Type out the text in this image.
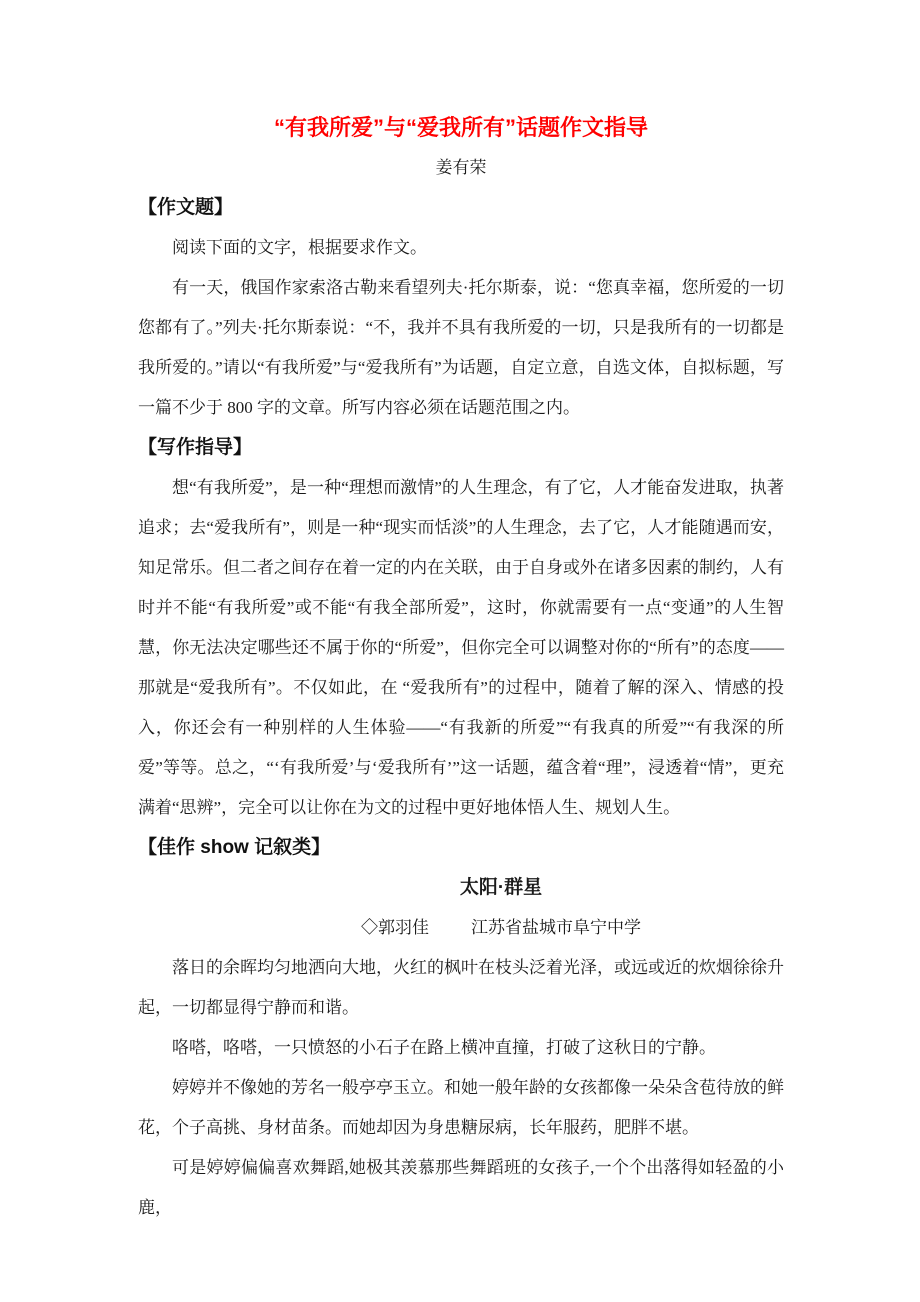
“有我所爱”与“爱我所有”话题作文指导
姜有荣
【作文题】

阅读下面的文字，根据要求作文。

有一天，俄国作家索洛古勒来看望列夫·托尔斯泰，说：“您真幸福，您所爱的一切您都有了。”列夫·托尔斯泰说：“不，我并不具有我所爱的一切，只是我所有的一切都是我所爱的。”请以“有我所爱”与“爱我所有”为话题，自定立意，自选文体，自拟标题，写一篇不少于 800 字的文章。所写内容必须在话题范围之内。

【写作指导】

想“有我所爱”，是一种“理想而激情”的人生理念，有了它，人才能奋发进取，执著追求；去“爱我所有”，则是一种“现实而恬淡”的人生理念，去了它，人才能随遇而安，知足常乐。但二者之间存在着一定的内在关联，由于自身或外在诸多因素的制约，人有时并不能“有我所爱”或不能“有我全部所爱”，这时，你就需要有一点“变通”的人生智慧，你无法决定哪些还不属于你的“所爱”，但你完全可以调整对你的“所有”的态度——那就是“爱我所有”。不仅如此，在 “爱我所有”的过程中，随着了解的深入、情感的投入，你还会有一种别样的人生体验——“有我新的所爱”“有我真的所爱”“有我深的所爱”等等。总之，“‘有我所爱’与‘爱我所有’”这一话题，蕴含着“理”，浸透着“情”，更充满着“思辨”，完全可以让你在为文的过程中更好地体悟人生、规划人生。

【佳作 show 记叙类】
太阳·群星
◇郭羽佳 江苏省盐城市阜宁中学

落日的余晖均匀地洒向大地，火红的枫叶在枝头泛着光泽，或远或近的炊烟徐徐升起，一切都显得宁静而和谐。

咯嗒，咯嗒，一只愤怒的小石子在路上横冲直撞，打破了这秋日的宁静。

婷婷并不像她的芳名一般亭亭玉立。和她一般年龄的女孩都像一朵朵含苞待放的鲜花，个子高挑、身材苗条。而她却因为身患糖尿病，长年服药，肥胖不堪。

可是婷婷偏偏喜欢舞蹈,她极其羡慕那些舞蹈班的女孩子,一个个出落得如轻盈的小鹿，
